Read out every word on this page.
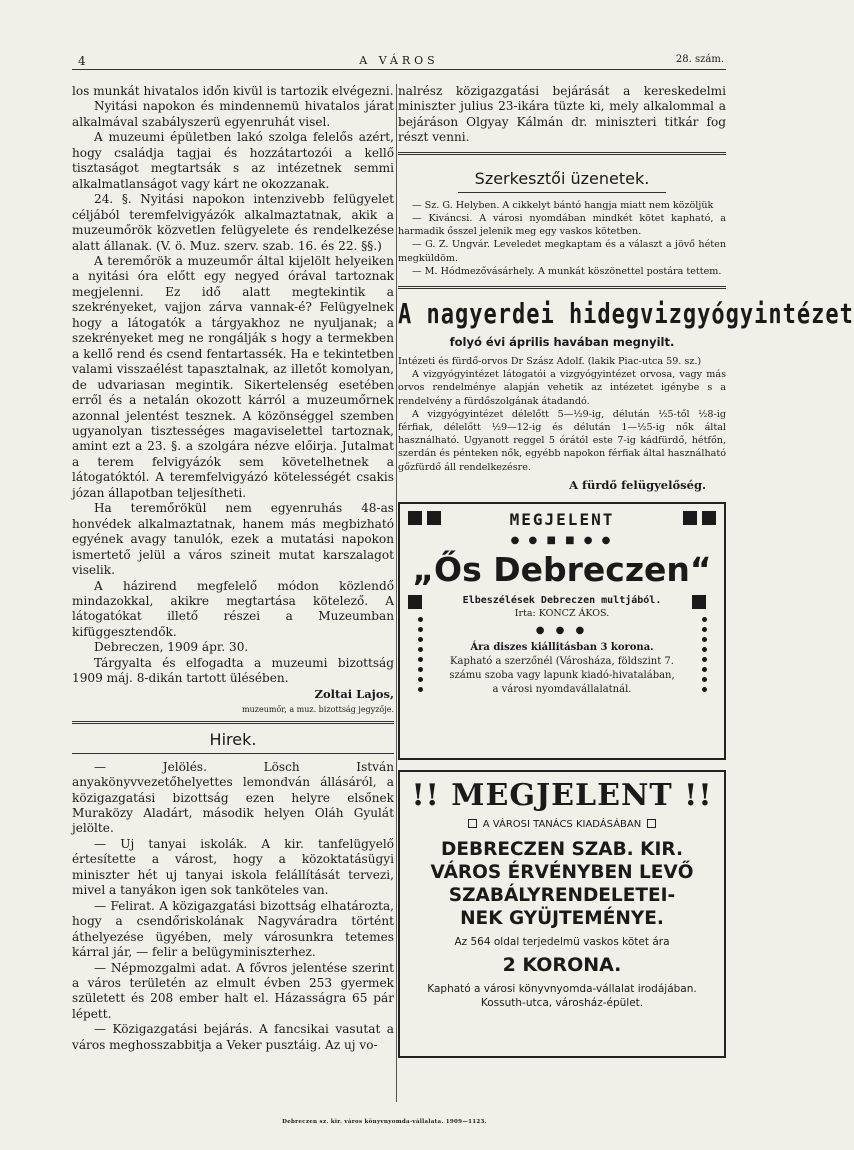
4	A VÁROS	28. szám.

los munkát hivatalos időn kivül is tartozik elvégezni.

Nyitási napokon és mindennemü hivatalos járat alkalmával szabályszerü egyenruhát visel.

A muzeumi épületben lakó szolga felelős azért, hogy családja tagjai és hozzátartozói a kellő tisztaságot megtartsák s az intézetnek semmi alkalmatlanságot vagy kárt ne okozzanak.

24. §. Nyitási napokon intenzivebb felügyelet céljából teremfelvigyázók alkalmaztatnak, akik a muzeumőrök közvetlen felügyelete és rendelkezése alatt állanak. (V. ö. Muz. szerv. szab. 16. és 22. §§.)

A teremőrök a muzeumőr által kijelölt helyeiken a nyitási óra előtt egy negyed órával tartoznak megjelenni. Ez idő alatt megtekintik a szekrényeket, vajjon zárva vannak-é? Felügyelnek hogy a látogatók a tárgyakhoz ne nyuljanak; a szekrényeket meg ne rongálják s hogy a termekben a kellő rend és csend fentartassék. Ha e tekintetben valami visszaélést tapasztalnak, az illetőt komolyan, de udvariasan megintik. Sikertelenség esetében erről és a netalán okozott kárról a muzeumőrnek azonnal jelentést tesznek. A közönséggel szemben ugyanolyan tisztességes magaviselettel tartoznak, amint ezt a 23. §. a szolgára nézve előirja. Jutalmat a terem felvigyázók sem követelhetnek a látogatóktól. A teremfelvigyázó kötelességét csakis józan állapotban teljesítheti.

Ha teremőrökül nem egyenruhás 48-as honvédek alkalmaztatnak, hanem más megbizható egyének avagy tanulók, ezek a mutatási napokon ismertető jelül a város szineit mutat karszalagot viselik.

A házirend megfelelő módon közlendő mindazokkal, akikre megtartása kötelező. A látogatókat illető részei a Muzeumban kifüggesztendők.

Debreczen, 1909 ápr. 30.

Tárgyalta és elfogadta a muzeumi bizottság 1909 máj. 8-dikán tartott ülésében.

Zoltai Lajos,
muzeumőr, a muz. bizottság jegyzője.
Hirek.

— Jelölés. Lösch István anyakönyvvezetőhelyettes lemondván állásáról, a közigazgatási bizottság ezen helyre elsőnek Muraközy Aladárt, második helyen Oláh Gyulát jelölte.

— Uj tanyai iskolák. A kir. tanfelügyelő értesítette a várost, hogy a közoktatásügyi miniszter hét uj tanyai iskola felállítását tervezi, mivel a tanyákon igen sok tanköteles van.

— Felirat. A közigazgatási bizottság elhatározta, hogy a csendőriskolának Nagyváradra történt áthelyezése ügyében, mely városunkra tetemes kárral jár, — felir a belügyminiszterhez.

— Népmozgalmi adat. A fővros jelentése szerint a város területén az elmult évben 253 gyermek született és 208 ember halt el. Házasságra 65 pár lépett.

— Közigazgatási bejárás. A fancsikai vasutat a város meghosszabbitja a Veker pusztáig. Az uj vo-

nalrész közigazgatási bejárását a kereskedelmi miniszter julius 23-ikára tüzte ki, mely alkalommal a bejáráson Olgyay Kálmán dr. miniszteri titkár fog részt venni.

Szerkesztői üzenetek.

— Sz. G. Helyben. A cikkelyt bántó hangja miatt nem közöljük

— Kiváncsi. A városi nyomdában mindkét kötet kapható, a harmadik ősszel jelenik meg egy vaskos kötetben.

— G. Z. Ungvár. Leveledet megkaptam és a választ a jövő héten megküldöm.

— M. Hódmezővásárhely. A munkát köszönettel postára tettem.

A nagyerdei hidegvizgyógyintézet
folyó évi április havában megnyilt.

Intézeti és fürdő-orvos Dr Szász Adolf. (lakik Piac-utca 59. sz.)

A vizgyógyintézet látogatói a vizgyógyintézet orvosa, vagy más orvos rendelménye alapján vehetik az intézetet igénybe s a rendelvény a fürdőszolgának átadandó.

A vizgyógyintézet délelőtt 5—½9-ig, délután ½5-től ½8-ig férfiak, délelőtt ½9—12-ig és délután 1—½5-ig nők által használható. Ugyanott reggel 5 órától este 7-ig kádfürdő, hétfőn, szerdán és pénteken nők, egyébb napokon férfiak által használható gőzfürdő áll rendelkezésre.

A fürdő felügyelőség.

MEGJELENT

● ● ■ ■ ● ●
„Ős Debreczen“
Elbeszélések Debreczen multjából.
Irta: KONCZ ÁKOS.
● ● ●
Ára diszes kiállitásban 3 korona.
Kapható a szerzőnél (Városháza, földszint 7. számu szoba vagy lapunk kiadó-hivatalában, a városi nyomdavállalatnál.
!! MEGJELENT !!
A VÁROSI TANÁCS KIADÁSÁBAN
DEBRECZEN SZAB. KIR.
VÁROS ÉRVÉNYBEN LEVŐ
SZABÁLYRENDELETEI-
NEK GYÜJTEMÉNYE.
Az 564 oldal terjedelmü vaskos kötet ára
2 KORONA.
Kapható a városi könyvnyomda-vállalat irodájában. Kossuth-utca, városház-épület.
Debreczen sz. kir. város könyvnyomda-vállalata. 1909—1123.
